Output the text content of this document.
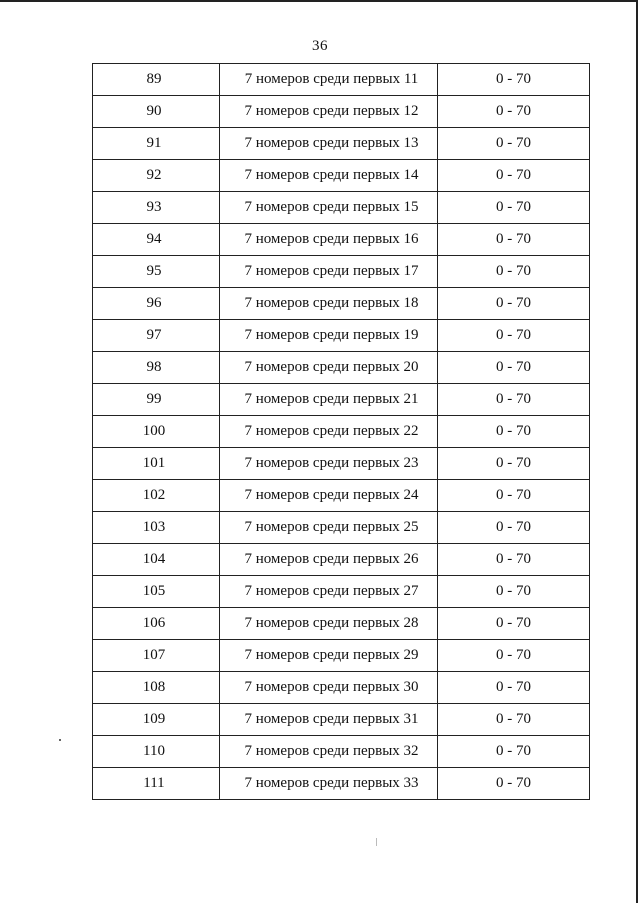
36
89	7 номеров среди первых 11	0 - 70
90	7 номеров среди первых 12	0 - 70
91	7 номеров среди первых 13	0 - 70
92	7 номеров среди первых 14	0 - 70
93	7 номеров среди первых 15	0 - 70
94	7 номеров среди первых 16	0 - 70
95	7 номеров среди первых 17	0 - 70
96	7 номеров среди первых 18	0 - 70
97	7 номеров среди первых 19	0 - 70
98	7 номеров среди первых 20	0 - 70
99	7 номеров среди первых 21	0 - 70
100	7 номеров среди первых 22	0 - 70
101	7 номеров среди первых 23	0 - 70
102	7 номеров среди первых 24	0 - 70
103	7 номеров среди первых 25	0 - 70
104	7 номеров среди первых 26	0 - 70
105	7 номеров среди первых 27	0 - 70
106	7 номеров среди первых 28	0 - 70
107	7 номеров среди первых 29	0 - 70
108	7 номеров среди первых 30	0 - 70
109	7 номеров среди первых 31	0 - 70
110	7 номеров среди первых 32	0 - 70
111	7 номеров среди первых 33	0 - 70
